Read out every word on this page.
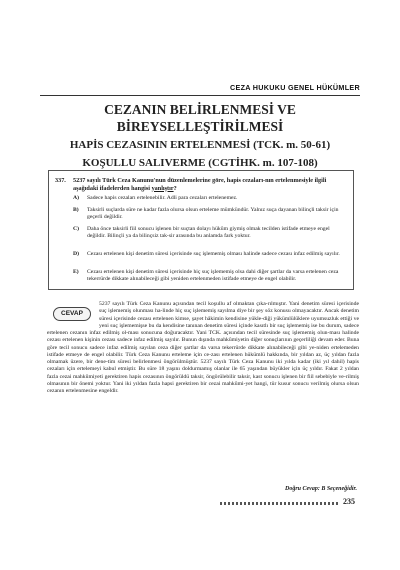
CEZA HUKUKU GENEL HÜKÜMLER
CEZANIN BELİRLENMESİ VE
BİREYSELLEŞTİRİLMESİ
HAPİS CEZASININ ERTELENMESİ (TCK. m. 50-61)
KOŞULLU SALIVERME (CGTİHK. m. 107-108)
337. 5237 sayılı Türk Ceza Kanunu'nun düzenlemelerine göre, hapis cezaları-nın ertelenmesiyle ilgili aşağıdaki ifadelerden hangisi yanlıştır?
A) Sadece hapis cezaları ertelenebilir. Adli para cezaları ertelenemez.
B) Taksirli suçlarda süre ne kadar fazla olursa olsun erteleme mümkündür. Yalnız suça dayanan bilinçli taksir için geçerli değildir.
C) Daha önce taksirli fiil sonucu işlenen bir suçtan dolayı hükûm giymiş olmak tecilden istifade etmeye engel değildir. Bilinçli ya da bilinçsiz tak-sir arasında bu anlamda fark yoktur.
D) Cezası ertelenen kişi denetim süresi içerisinde suç işlememiş olması halinde sadece cezası infaz edilmiş sayılır.
E) Cezası ertelenen kişi denetim süresi içerisinde hiç suç işlememiş olsa dahi diğer şartlar da varsa ertelenen ceza tekerrürde dikkate alınabileceği gibi yeniden ertelenmeden istifade etmeye de engel olabilir.
5237 sayılı Türk Ceza Kanunu açısından tecil koşullu af olmaktan çıka-rılmıştır. Yani denetim süresi içerisinde suç işlememiş olunması ha-linde hiç suç işlememiş sayılma diye bir şey söz konusu olmayacaktır. Ancak denetim süresi içerisinde cezası ertelenen kimse, şayet hâkimin kendisine yükle-diği yükümlülüklere uyumsuzluk ettiği ve yeni suç işlememişse bu da kendisine tanınan denetim süresi içinde kasıtlı bir suç işlememiş ise bu durum, sadece ertelenen cezanın infaz edilmiş ol-ması sonucuna doğuracaktır. Yani TCK. açısından tecil süresinde suç işlememiş olun-ması halinde cezası ertelenen kişinin cezası sadece infaz edilmiş sayılır. Bunun dışında mahkûmiyetin diğer sonuçlarının geçerliliği devam eder. Buna göre tecil sonucu sadece infaz edilmiş sayılan ceza diğer şartlar da varsa tekerrürde dikkate alınabileceği gibi ye-niden ertelemeden istifade etmeye de engel olabilir. Türk Ceza Kanunu erteleme için ce-zası ertelenen hükümlü hakkında, bir yıldan az, üç yıldan fazla olmamak üzere, bir dene-tim süresi belirlenmesi öngörülmüştür. 5237 sayılı Türk Ceza Kanunu iki yılda kadar (iki yıl dahil) hapis cezaları için ertelemeyi kabul etmiştir. Bu süre 18 yaşını doldurmamış olanlar ile 65 yaşından büyükler için üç yıldır. Fakat 2 yıldan fazla cezai mahkûmiyeti gerektiren hapis cezasının öngörüldü taksir, öngörülebilir taksir, kast sonucu işlenen bir fiil sebebiyle ve-rilmiş olmasının bir önemi yoktur. Yani iki yıldan fazla hapsi gerektiren bir cezai mahkûmi-yet hangi, tür kusur sonucu verilmiş olursa olsun cezanın ertelenmesine engeldir.
CEVAP
Doğru Cevap: B Seçeneğidir.
235
